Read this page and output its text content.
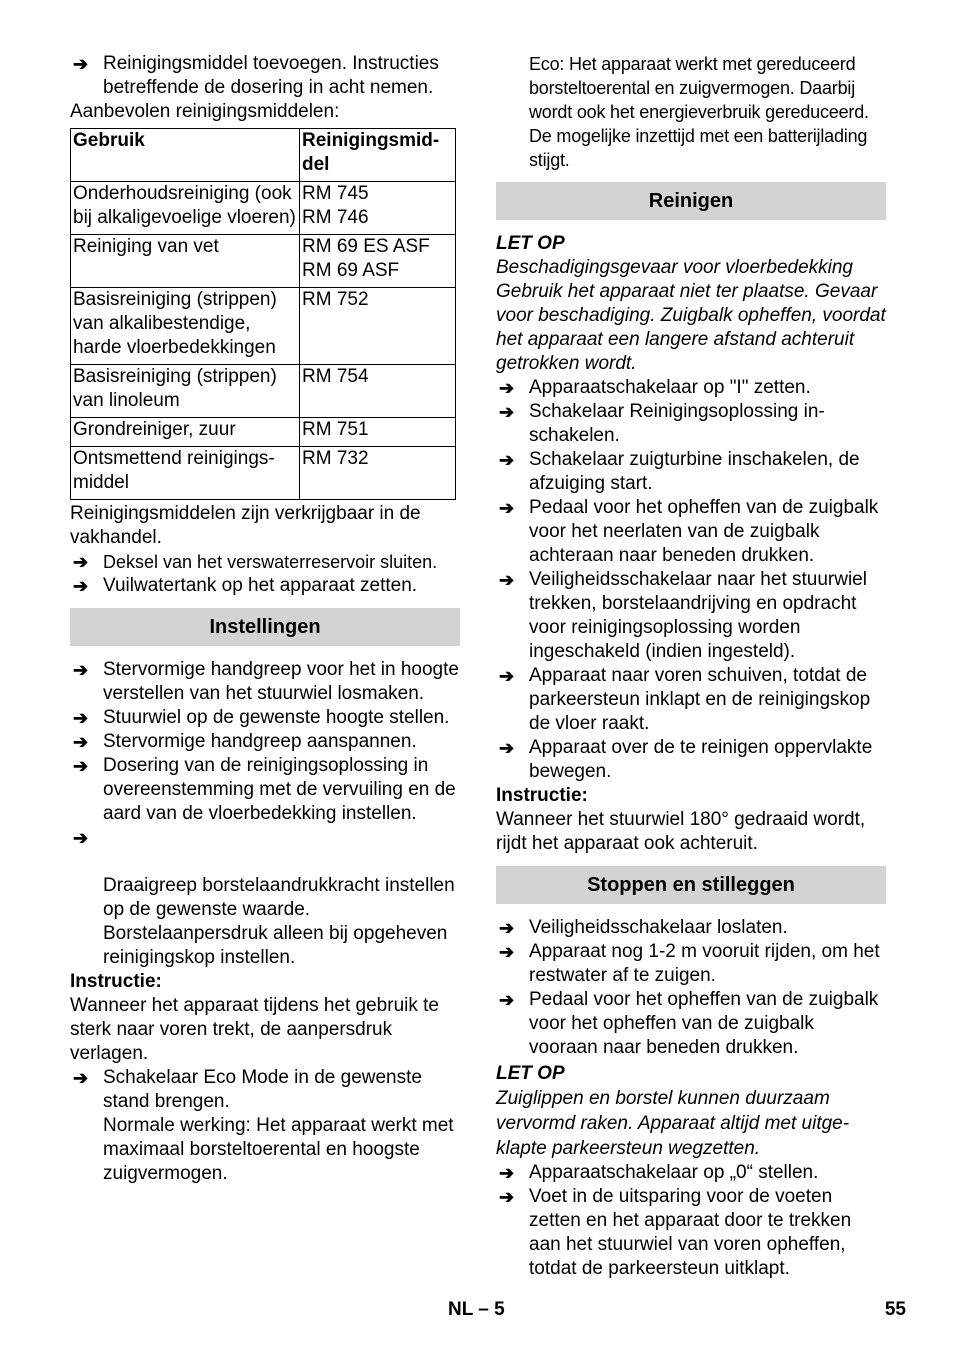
➔ Reinigingsmiddel toevoegen. Instructies betreffende de dosering in acht nemen.
Aanbevolen reinigingsmiddelen:
Gebruik	Reinigingsmiddel
Onderhoudsreiniging (ook bij alkaligevoelige vloeren)	RM 745
RM 746
Reiniging van vet	RM 69 ES ASF
RM 69 ASF
Basisreiniging (strippen) van alkalibestendige, harde vloerbedekkingen	RM 752
Basisreiniging (strippen) van linoleum	RM 754
Grondreiniger, zuur	RM 751
Ontsmettend reinigingsmiddel	RM 732
Reinigingsmiddelen zijn verkrijgbaar in de vakhandel.
➔ Deksel van het verswaterreservoir sluiten.
➔ Vuilwatertank op het apparaat zetten.
Instellingen
➔ Stervormige handgreep voor het in hoogte verstellen van het stuurwiel losmaken.
➔ Stuurwiel op de gewenste hoogte stellen.
➔ Stervormige handgreep aanspannen.
➔ Dosering van de reinigingsoplossing in overeenstemming met de vervuiling en de aard van de vloerbedekking instellen.

➔

Draaigreep borstelaandrukkracht instellen op de gewenste waarde.
Borstelaanpersdruk alleen bij opgeheven reinigingskop instellen.

Instructie:
Wanneer het apparaat tijdens het gebruik te sterk naar voren trekt, de aanpersdruk verlagen.
➔ Schakelaar Eco Mode in de gewenste stand brengen.
Normale werking: Het apparaat werkt met maximaal borsteltoerental en hoogste zuigvermogen.
Eco: Het apparaat werkt met gereduceerd borsteltoerental en zuigvermogen. Daarbij wordt ook het energieverbruik gereduceerd. De mogelijke inzettijd met een batterijlading stijgt.
Reinigen
LET OP
Beschadigingsgevaar voor vloerbedekking Gebruik het apparaat niet ter plaatse. Gevaar voor beschadiging. Zuigbalk opheffen, voordat het apparaat een langere afstand achteruit getrokken wordt.
➔ Apparaatschakelaar op "I" zetten.
➔ Schakelaar Reinigingsoplossing inschakelen.
➔ Schakelaar zuigturbine inschakelen, de afzuiging start.
➔ Pedaal voor het opheffen van de zuigbalk voor het neerlaten van de zuigbalk achteraan naar beneden drukken.
➔ Veiligheidsschakelaar naar het stuurwiel trekken, borstelaandrijving en opdracht voor reinigingsoplossing worden ingeschakeld (indien ingesteld).
➔ Apparaat naar voren schuiven, totdat de parkeersteun inklapt en de reinigingskop de vloer raakt.
➔ Apparaat over de te reinigen oppervlakte bewegen.
Instructie:
Wanneer het stuurwiel 180° gedraaid wordt, rijdt het apparaat ook achteruit.
Stoppen en stilleggen
➔ Veiligheidsschakelaar loslaten.
➔ Apparaat nog 1-2 m vooruit rijden, om het restwater af te zuigen.
➔ Pedaal voor het opheffen van de zuigbalk voor het opheffen van de zuigbalk vooraan naar beneden drukken.
LET OP
Zuiglippen en borstel kunnen duurzaam vervormd raken. Apparaat altijd met uitgeklapte parkeersteun wegzetten.
➔ Apparaatschakelaar op „0“ stellen.
➔ Voet in de uitsparing voor de voeten zetten en het apparaat door te trekken aan het stuurwiel van voren opheffen, totdat de parkeersteun uitklapt.
NL – 5	55
